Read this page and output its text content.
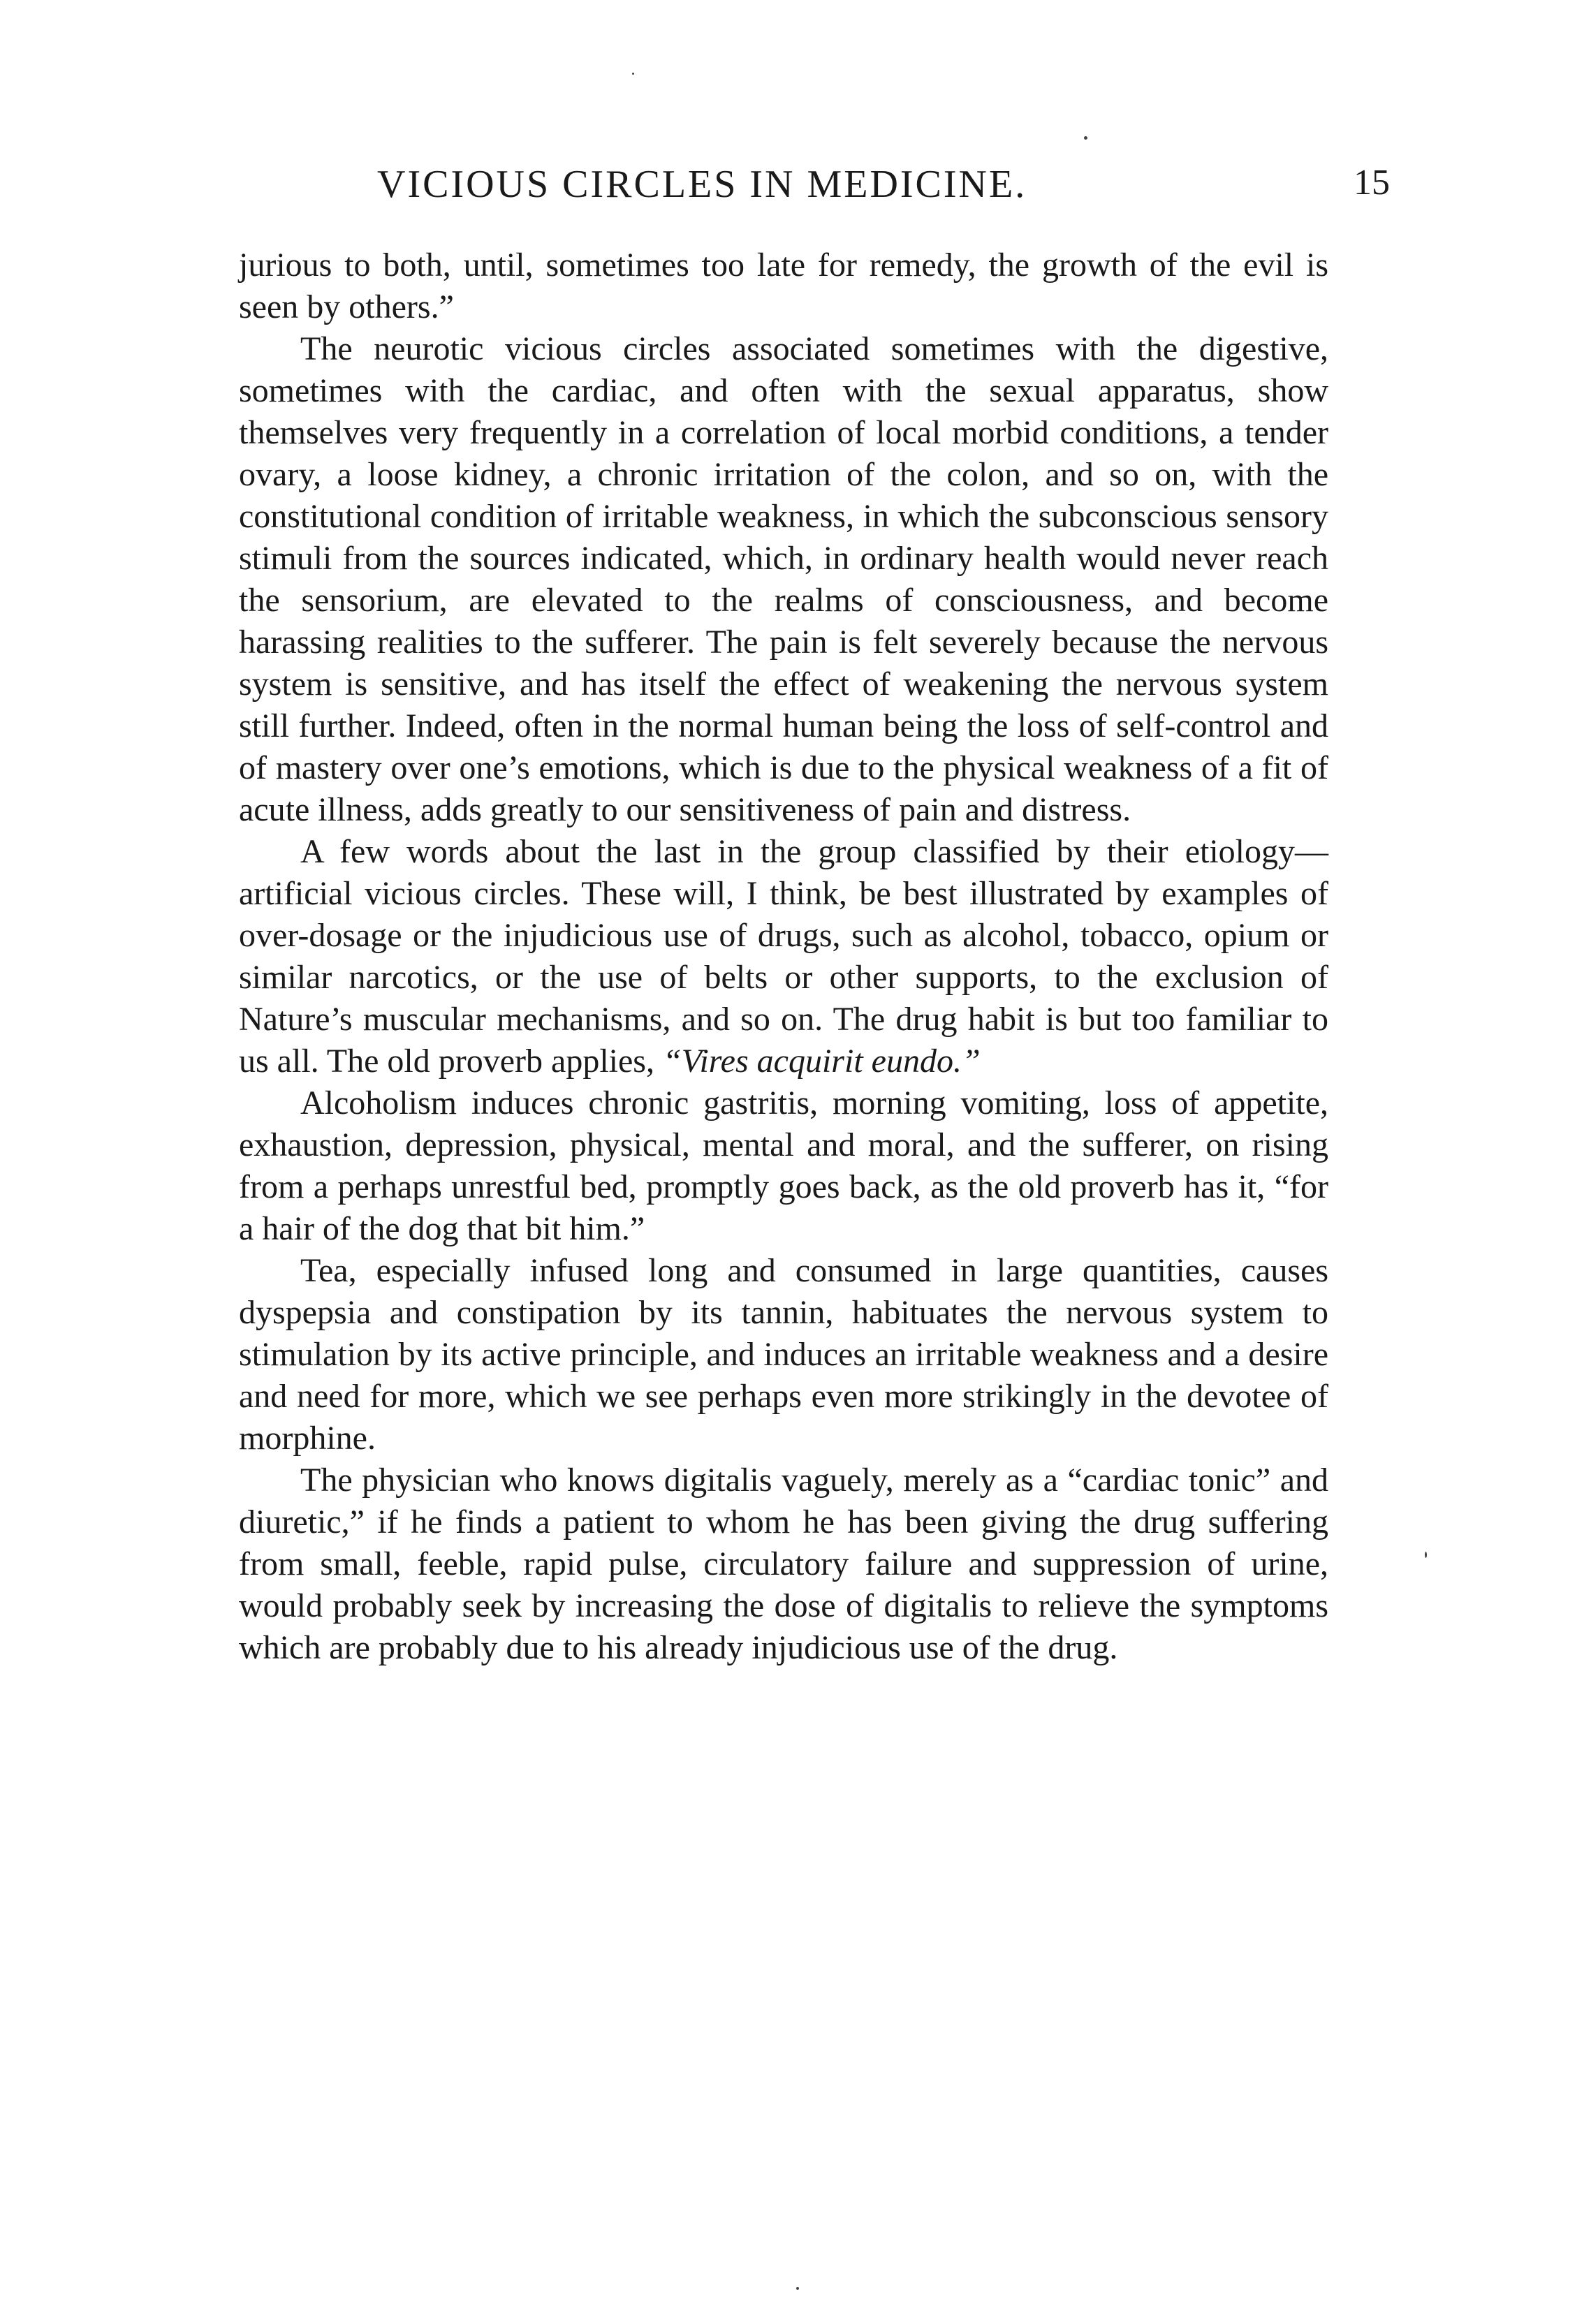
VICIOUS CIRCLES IN MEDICINE.	15

jurious to both, until, sometimes too late for remedy, the growth of the evil is seen by others.”

The neurotic vicious circles associated sometimes with the digestive, sometimes with the cardiac, and often with the sexual apparatus, show themselves very frequently in a correlation of local morbid conditions, a tender ovary, a loose kidney, a chronic irritation of the colon, and so on, with the constitutional condition of irritable weakness, in which the subconscious sensory stimuli from the sources indicated, which, in ordinary health would never reach the sensorium, are elevated to the realms of consciousness, and become harassing realities to the sufferer. The pain is felt severely because the nervous system is sensitive, and has itself the effect of weakening the nervous system still further. Indeed, often in the normal human being the loss of self-control and of mastery over one’s emotions, which is due to the physical weakness of a fit of acute illness, adds greatly to our sensitiveness of pain and distress.

A few words about the last in the group classified by their etiology—artificial vicious circles. These will, I think, be best illustrated by examples of over-dosage or the injudicious use of drugs, such as alcohol, tobacco, opium or similar narcotics, or the use of belts or other supports, to the exclusion of Nature’s muscular mechanisms, and so on. The drug habit is but too familiar to us all. The old proverb applies, “Vires acquirit eundo.”

Alcoholism induces chronic gastritis, morning vomiting, loss of appetite, exhaustion, depression, physical, mental and moral, and the sufferer, on rising from a perhaps unrestful bed, promptly goes back, as the old proverb has it, “for a hair of the dog that bit him.”

Tea, especially infused long and consumed in large quantities, causes dyspepsia and constipation by its tannin, habituates the nervous system to stimulation by its active principle, and induces an irritable weakness and a desire and need for more, which we see perhaps even more strikingly in the devotee of morphine.

The physician who knows digitalis vaguely, merely as a “cardiac tonic” and diuretic,” if he finds a patient to whom he has been giving the drug suffering from small, feeble, rapid pulse, circulatory failure and suppression of urine, would probably seek by increasing the dose of digitalis to relieve the symptoms which are probably due to his already injudicious use of the drug.
